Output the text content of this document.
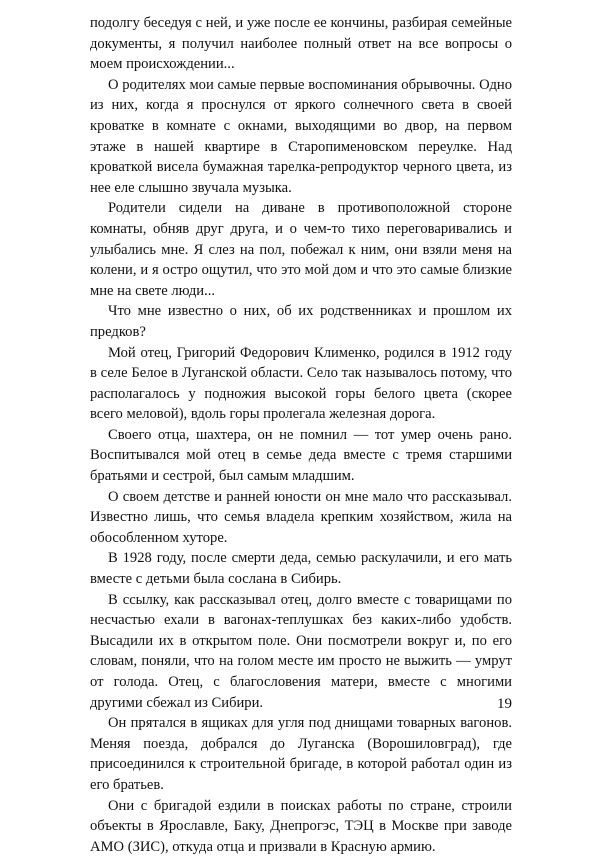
подолгу беседуя с ней, и уже после ее кончины, разбирая семейные документы, я получил наиболее полный ответ на все вопросы о моем происхождении...

О родителях мои самые первые воспоминания обрывочны. Одно из них, когда я проснулся от яркого солнечного света в своей кроватке в комнате с окнами, выходящими во двор, на первом этаже в нашей квартире в Старопименовском переулке. Над кроваткой висела бумажная тарелка-репродуктор черного цвета, из нее еле слышно звучала музыка.

Родители сидели на диване в противоположной стороне комнаты, обняв друг друга, и о чем-то тихо переговаривались и улыбались мне. Я слез на пол, побежал к ним, они взяли меня на колени, и я остро ощутил, что это мой дом и что это самые близкие мне на свете люди...

Что мне известно о них, об их родственниках и прошлом их предков?

Мой отец, Григорий Федорович Клименко, родился в 1912 году в селе Белое в Луганской области. Село так называлось потому, что располагалось у подножия высокой горы белого цвета (скорее всего меловой), вдоль горы пролегала железная дорога.

Своего отца, шахтера, он не помнил — тот умер очень рано. Воспитывался мой отец в семье деда вместе с тремя старшими братьями и сестрой, был самым младшим.

О своем детстве и ранней юности он мне мало что рассказывал. Известно лишь, что семья владела крепким хозяйством, жила на обособленном хуторе.

В 1928 году, после смерти деда, семью раскулачили, и его мать вместе с детьми была сослана в Сибирь.

В ссылку, как рассказывал отец, долго вместе с товарищами по несчастью ехали в вагонах-теплушках без каких-либо удобств. Высадили их в открытом поле. Они посмотрели вокруг и, по его словам, поняли, что на голом месте им просто не выжить — умрут от голода. Отец, с благословения матери, вместе с многими другими сбежал из Сибири.

Он прятался в ящиках для угля под днищами товарных вагонов. Меняя поезда, добрался до Луганска (Ворошиловград), где присоединился к строительной бригаде, в которой работал один из его братьев.

Они с бригадой ездили в поисках работы по стране, строили объекты в Ярославле, Баку, Днепрогэс, ТЭЦ в Москве при заводе АМО (ЗИС), откуда отца и призвали в Красную армию.

19
